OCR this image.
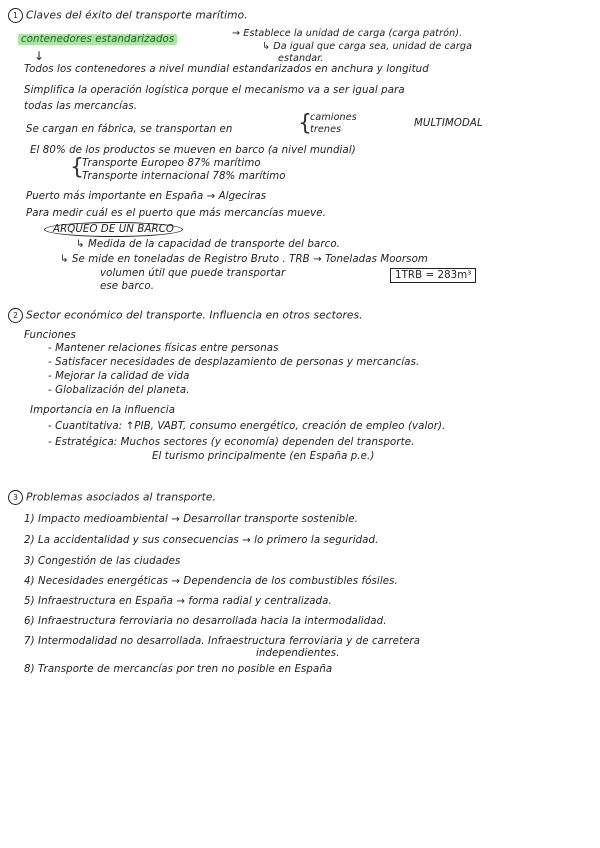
1 Claves del éxito del transporte marítimo.
contenedores estandarizados
→ Establece la unidad de carga (carga patrón).
↳ Da igual que carga sea, unidad de carga
estandar.
↓
Todos los contenedores a nivel mundial estandarizados en anchura y longitud
Simplifica la operación logística porque el mecanismo va a ser igual para
todas las mercancías.
Se cargan en fábrica, se transportan en	{
camiones
trenes
MULTIMODAL
El 80% de los productos se mueven en barco (a nivel mundial)
{
Transporte Europeo 87% marítimo
Transporte internacional 78% marítimo
Puerto más importante en España → Algeciras
Para medir cuál es el puerto que más mercancías mueve.
ARQUEO DE UN BARCO
↳ Medida de la capacidad de transporte del barco.
↳ Se mide en toneladas de Registro Bruto . TRB → Toneladas Moorsom
volumen útil que puede transportar
ese barco.
1TRB = 283m³
2 Sector económico del transporte. Influencia en otros sectores.
Funciones
- Mantener relaciones físicas entre personas
- Satisfacer necesidades de desplazamiento de personas y mercancías.
- Mejorar la calidad de vida
- Globalización del planeta.
Importancia en la influencia
- Cuantitativa: ↑PIB, VABT, consumo energético, creación de empleo (valor).
- Estratégica: Muchos sectores (y economía) dependen del transporte.
El turismo principalmente (en España p.e.)
3 Problemas asociados al transporte.
1) Impacto medioambiental → Desarrollar transporte sostenible.
2) La accidentalidad y sus consecuencias → lo primero la seguridad.
3) Congestión de las ciudades
4) Necesidades energéticas → Dependencia de los combustibles fósiles.
5) Infraestructura en España → forma radial y centralizada.
6) Infraestructura ferroviaria no desarrollada hacia la intermodalidad.
7) Intermodalidad no desarrollada. Infraestructura ferroviaria y de carretera
independientes.
8) Transporte de mercancías por tren no posible en España
